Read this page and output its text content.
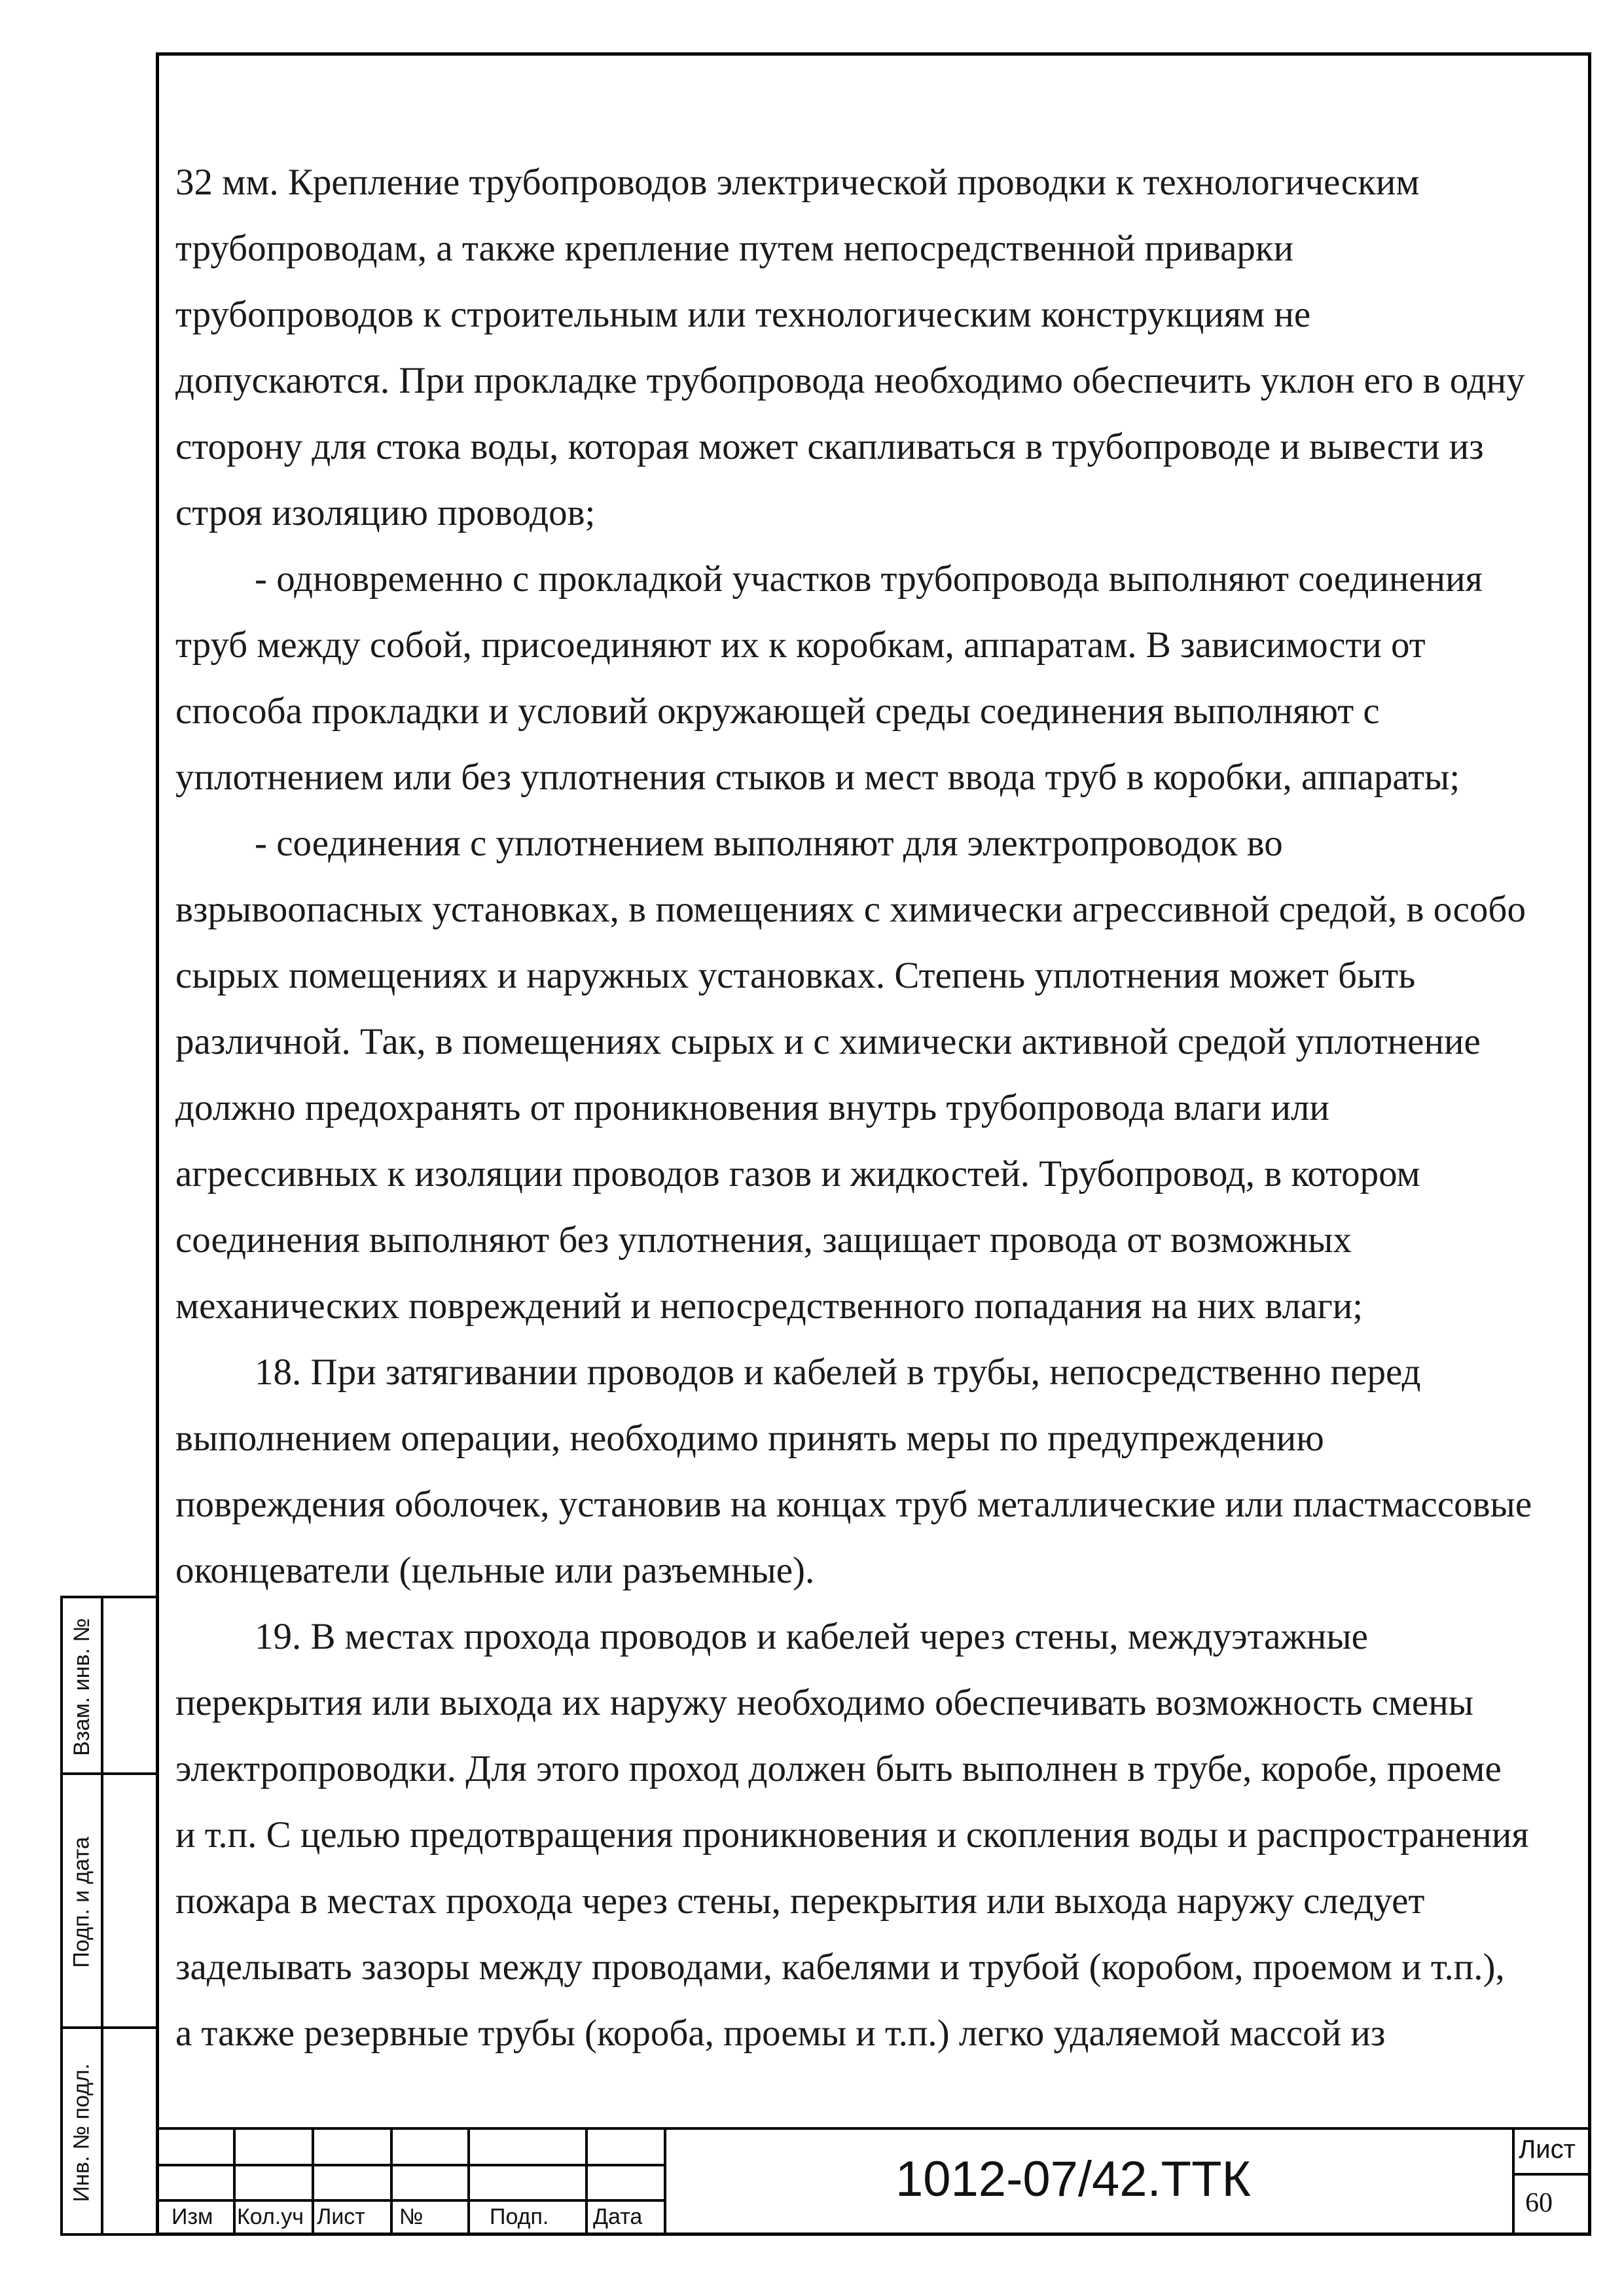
32 мм. Крепление трубопроводов электрической проводки к технологическим
трубопроводам, а также крепление путем непосредственной приварки
трубопроводов к строительным или технологическим конструкциям не
допускаются. При прокладке трубопровода необходимо обеспечить уклон его в одну
сторону для стока воды, которая может скапливаться в трубопроводе и вывести из
строя изоляцию проводов;
- одновременно с прокладкой участков трубопровода выполняют соединения
труб между собой, присоединяют их к коробкам, аппаратам. В зависимости от
способа прокладки и условий окружающей среды соединения выполняют с
уплотнением или без уплотнения стыков и мест ввода труб в коробки, аппараты;
- соединения с уплотнением выполняют для электропроводок во
взрывоопасных установках, в помещениях с химически агрессивной средой, в особо
сырых помещениях и наружных установках. Степень уплотнения может быть
различной. Так, в помещениях сырых и с химически активной средой уплотнение
должно предохранять от проникновения внутрь трубопровода влаги или
агрессивных к изоляции проводов газов и жидкостей. Трубопровод, в котором
соединения выполняют без уплотнения, защищает провода от возможных
механических повреждений и непосредственного попадания на них влаги;
18. При затягивании проводов и кабелей в трубы, непосредственно перед
выполнением операции, необходимо принять меры по предупреждению
повреждения оболочек, установив на концах труб металлические или пластмассовые
оконцеватели (цельные или разъемные).
19. В местах прохода проводов и кабелей через стены, междуэтажные
перекрытия или выхода их наружу необходимо обеспечивать возможность смены
электропроводки. Для этого проход должен быть выполнен в трубе, коробе, проеме
и т.п. С целью предотвращения проникновения и скопления воды и распространения
пожара в местах прохода через стены, перекрытия или выхода наружу следует
заделывать зазоры между проводами, кабелями и трубой (коробом, проемом и т.п.),
а также резервные трубы (короба, проемы и т.п.) легко удаляемой массой из
Взам. инв. №
Подп. и дата
Инв. № подл.
Изм Кол.уч Лист №	Подп. Дата
1012-07/42.ТТК
Лист
60
